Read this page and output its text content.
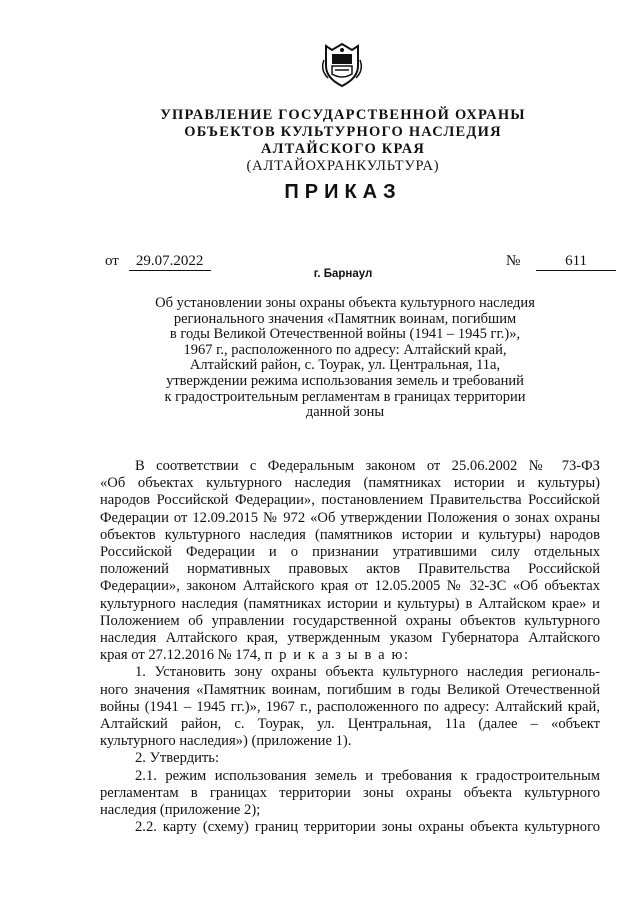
УПРАВЛЕНИЕ ГОСУДАРСТВЕННОЙ ОХРАНЫ
ОБЪЕКТОВ КУЛЬТУРНОГО НАСЛЕДИЯ
АЛТАЙСКОГО КРАЯ
(АЛТАЙОХРАНКУЛЬТУРА)
ПРИКАЗ
от 29.07.2022	№	611
г. Барнаул
Об установлении зоны охраны объекта культурного наследия
регионального значения «Памятник воинам, погибшим
в годы Великой Отечественной войны (1941 – 1945 гг.)»,
1967 г., расположенного по адресу: Алтайский край,
Алтайский район, с. Тоурак, ул. Центральная, 11а,
утверждении режима использования земель и требований
к градостроительным регламентам в границах территории
данной зоны
В соответствии с Федеральным законом от 25.06.2002 № 73-ФЗ
«Об объектах культурного наследия (памятниках истории и культуры)
народов Российской Федерации», постановлением Правительства Российской
Федерации от 12.09.2015 № 972 «Об утверждении Положения о зонах охраны
объектов культурного наследия (памятников истории и культуры) народов
Российской Федерации и о признании утратившими силу отдельных
положений нормативных правовых актов Правительства Российской
Федерации», законом Алтайского края от 12.05.2005 № 32-ЗС «Об объектах
культурного наследия (памятниках истории и культуры) в Алтайском крае» и
Положением об управлении государственной охраны объектов культурного
наследия Алтайского края, утвержденным указом Губернатора Алтайского
края от 27.12.2016 № 174, п р и к а з ы в а ю:
1. Установить зону охраны объекта культурного наследия региональ-
ного значения «Памятник воинам, погибшим в годы Великой Отечественной
войны (1941 – 1945 гг.)», 1967 г., расположенного по адресу: Алтайский край,
Алтайский район, с. Тоурак, ул. Центральная, 11а (далее – «объект
культурного наследия») (приложение 1).
2. Утвердить:
2.1. режим использования земель и требования к градостроительным
регламентам в границах территории зоны охраны объекта культурного
наследия (приложение 2);
2.2. карту (схему) границ территории зоны охраны объекта культурного
